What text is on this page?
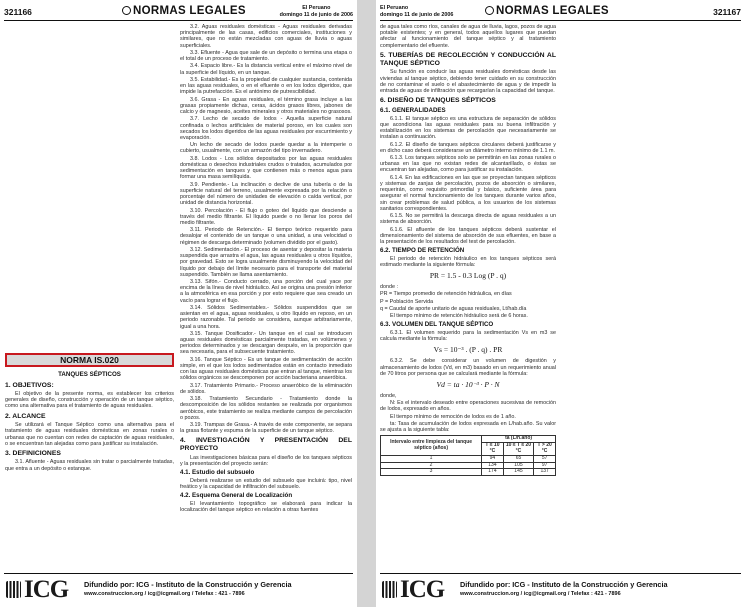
321166	NORMAS LEGALES	El Peruano
domingo 11 de junio de 2006
NORMA IS.020
TANQUES SÉPTICOS
1. OBJETIVOS:

El objetivo de la presente norma, es establecer los criterios generales de diseño, construcción y operación de un tanque séptico, como una alternativa para el tratamiento de aguas residuales.

2. ALCANCE

Se utilizará el Tanque Séptico como una alternativa para el tratamiento de aguas residuales domésticas en zonas rurales o urbanas que no cuentan con redes de captación de aguas residuales, o se encuentran tan alejadas como para justificar su instalación.

3. DEFINICIONES

3.1. Afluente - Aguas residuales sin tratar o parcialmente tratadas, que entra a un depósito o estanque.

3.2. Aguas residuales domésticas - Aguas residuales derivadas principalmente de las casas, edificios comerciales, instituciones y similares, que no están mezcladas con aguas de lluvia o aguas superficiales.

3.3. Efluente - Agua que sale de un depósito o termina una etapa o el total de un proceso de tratamiento.

3.4. Espacio libre.- Es la distancia vertical entre el máximo nivel de la superficie del líquido, en un tanque.

3.5. Estabilidad.- Es la propiedad de cualquier sustancia, contenida en las aguas residuales, o en el efluente o en los lodos digeridos, que impide la putrefacción. Es el antónimo de putrescibilidad.

3.6. Grasa - En aguas residuales, el término grasa incluye a las grasas propiamente dichas, ceras, ácidos grasos libres, jabones de calcio y de magnesio, aceites minerales y otros materiales no grasosos.

3.7. Lecho de secado de lodos - Aquella superficie natural confinada o lechos artificiales de material poroso, en los cuales son secados los lodos digeridos de las aguas residuales por escurrimiento y evaporación.

Un lecho de secado de lodos puede quedar a la intemperie o cubierto, usualmente, con un armazón del tipo invernadero.

3.8. Lodos - Los sólidos depositados por las aguas residuales domésticas o desechos industriales crudos o tratados, acumulados por sedimentación en tanques y que contienen más o menos agua para formar una masa semilíquida.

3.9. Pendiente.- La inclinación o declive de una tubería o de la superficie natural del terreno, usualmente expresada por la relación o porcentaje del número de unidades de elevación o caída vertical, por unidad de distancia horizontal.

3.10. Percolación - El flujo o goteo del líquido que desciende a través del medio filtrante. El líquido puede o no llenar los poros del medio filtrante.

3.11. Periodo de Retención.- El tiempo teórico requerido para desalojar el contenido de un tanque o una unidad, a una velocidad o régimen de descarga determinado (volumen dividido por el gasto).

3.12. Sedimentación.- El proceso de asentar y depositar la materia suspendida que arrastra el agua, las aguas residuales u otros líquidos, por gravedad. Esto se logra usualmente disminuyendo la velocidad del líquido por debajo del límite necesario para el transporte del material suspendido. También se llama asentamiento.

3.13. Sifón.- Conducto cerrado, una porción del cual yace por encima de la línea de nivel hidráulico. Así se origina una presión inferior a la atmosférica en esa porción y por esto requiere que sea creado un vacío para lograr el flujo.

3.14. Sólidos Sedimentables.- Sólidos suspendidos que se asientan en el agua, aguas residuales, u otro líquido en reposo, en un periodo razonable. Tal periodo se considera, aunque arbitrariamente, igual a una hora.

3.15. Tanque Dosificador.- Un tanque en el cual se introducen aguas residuales domésticas parcialmente tratadas, en volúmenes y periodos determinados y se descargan después, en la proporción que sea necesaria, para el subsecuente tratamiento.

3.16. Tanque Séptico - Es un tanque de sedimentación de acción simple, en el que los lodos sedimentados están en contacto inmediato con las aguas residuales domésticas que entran al tanque, mientras los sólidos orgánicos se descomponen por acción bacteriana anaeróbica.

3.17. Tratamiento Primario.- Proceso anaeróbico de la eliminación de sólidos.

3.18. Tratamiento Secundario - Tratamiento donde la descomposición de los sólidos restantes se realizada por organismos aeróbicos, este tratamiento se realiza mediante campos de percolación o pozos.

3.19. Trampas de Grasa.- A través de este componente, se separa la grasa flotante y espuma de la superficie de un tanque séptico.

4. INVESTIGACIÓN Y PRESENTACIÓN DEL PROYECTO

Las investigaciones básicas para el diseño de los tanques sépticos y la presentación del proyecto serán:

4.1. Estudio del subsuelo

Deberá realizarse un estudio del subsuelo que incluirá: tipo, nivel freático y la capacidad de infiltración del subsuelo.

4.2. Esquema General de Localización

El levantamiento topográfico se elaborará para indicar la localización del tanque séptico en relación a otras fuentes

ICG Difundido por: ICG - Instituto de la Construcción y Gerencia
www.construccion.org / icg@icgmail.org / Telefax : 421 - 7896
El Peruano
domingo 11 de junio de 2006	NORMAS LEGALES	321167

de agua tales como ríos, canales de agua de lluvia, lagos, pozos de agua potable existentes; y en general, todos aquellos lugares que puedan afectar al funcionamiento del tanque séptico y al tratamiento complementario del efluente.

5. TUBERÍAS DE RECOLECCIÓN Y CONDUCCIÓN AL TANQUE SÉPTICO

Su función es conducir las aguas residuales domésticas desde las viviendas al tanque séptico, debiendo tener cuidado en su construcción de no contaminar el suelo o el abastecimiento de agua y de impedir la entrada de aguas de infiltración que recargarían la capacidad del tanque.

6. DISEÑO DE TANQUES SÉPTICOS
6.1. GENERALIDADES

6.1.1. El tanque séptico es una estructura de separación de sólidos que acondiciona las aguas residuales para su buena infiltración y estabilización en los sistemas de percolación que necesariamente se instalan a continuación.

6.1.2. El diseño de tanques sépticos circulares deberá justificarse y en dicho caso deberá considerarse un diámetro interno mínimo de 1.1 m.

6.1.3. Los tanques sépticos solo se permitirán en las zonas rurales o urbanas en las que no existan redes de alcantarillado, o éstas se encuentran tan alejadas, como para justificar su instalación.

6.1.4. En las edificaciones en las que se proyectan tanques sépticos y sistemas de zanjas de percolación, pozos de absorción o similares, requerirán, como requisito primordial y básico, suficiente área para asegurar el normal funcionamiento de los tanques durante varios años, sin crear problemas de salud pública, a los usuarios de los sistemas sanitarios correspondientes.

6.1.5. No se permitirá la descarga directa de aguas residuales a un sistema de absorción.

6.1.6. El afluente de los tanques sépticos deberá sustentar el dimensionamiento del sistema de absorción de sus efluentes, en base a la presentación de los resultados del test de percolación.

6.2. TIEMPO DE RETENCIÓN

El periodo de retención hidráulico en los tanques sépticos será estimado mediante la siguiente fórmula:

PR = 1.5 - 0.3 Log (P . q)

donde :

PR = Tiempo promedio de retención hidráulica, en días

P = Población Servida

q = Caudal de aporte unitario de aguas residuales, Lt/hab.día

El tiempo mínimo de retención hidráulico será de 6 horas.

6.3. VOLUMEN DEL TANQUE SÉPTICO

6.3.1. El volumen requerido para la sedimentación Vs en m3 se calcula mediante la fórmula:

Vs = 10⁻³ . (P . q) . PR

6.3.2. Se debe considerar un volumen de digestión y almacenamiento de lodos (Vd, en m3) basado en un requerimiento anual de 70 litros por persona que se calculará mediante la fórmula:

Vd = ta · 10⁻³ · P · N

donde,

N: Es el intervalo deseado entre operaciones sucesivas de remoción de lodos, expresado en años.

El tiempo mínimo de remoción de lodos es de 1 año.

ta: Tasa de acumulación de lodos expresada en L/hab.año. Su valor se ajusta a la siguiente tabla:

Intervalo entre limpieza del tanque séptico (años)	ta (L/h.año)		
	T ≤ 10 °C	10 ≤ T ≤ 20 °C	T > 20 °C
1	94	65	57
2	134	105	97
3	174	145	137
ICG Difundido por: ICG - Instituto de la Construcción y Gerencia
www.construccion.org / icg@icgmail.org / Telefax : 421 - 7896
